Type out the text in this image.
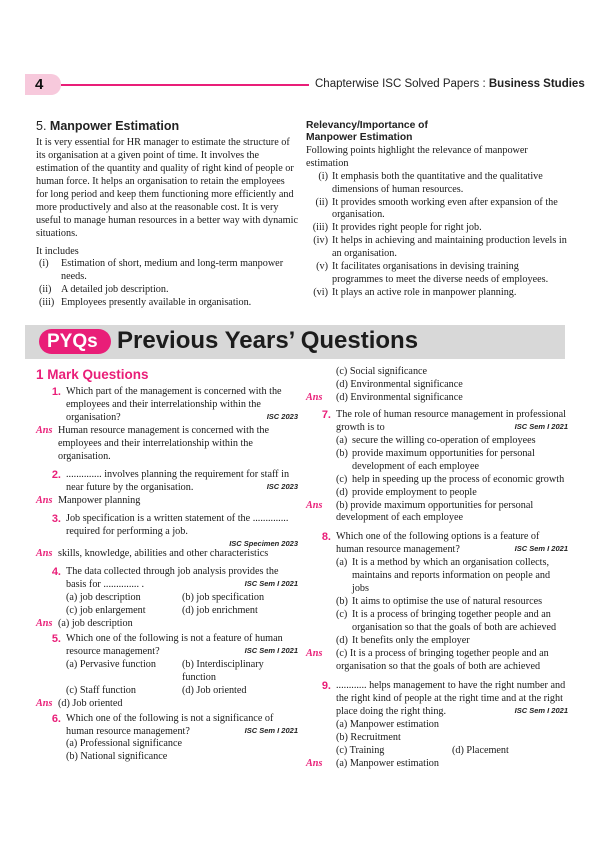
4	Chapterwise ISC Solved Papers : Business Studies
5. Manpower Estimation

It is very essential for HR manager to estimate the structure of its organisation at a given point of time. It involves the estimation of the quantity and quality of right kind of people or human force. It helps an organisation to retain the employees for long period and keep them functioning more efficiently and more productively and also at the reasonable cost. It is very useful to manage human resources in a better way with dynamic situations.

It includes

(i)	Estimation of short, medium and long-term manpower needs.
(ii) A detailed job description.
(iii) Employees presently available in organisation.
Relevancy/Importance of
Manpower Estimation

Following points highlight the relevance of manpower estimation

(i) It emphasis both the quantitative and the qualitative dimensions of human resources.
(ii) It provides smooth working even after expansion of the organisation.
(iii) It provides right people for right job.
(iv) It helps in achieving and maintaining production levels in an organisation.
(v) It facilitates organisations in devising training programmes to meet the diverse needs of employees.
(vi) It plays an active role in manpower planning.
PYQs Previous Years’ Questions
1 Mark Questions
1. Which part of the management is concerned with the employees and their interrelationship within the organisation?	ISC 2023
Ans Human resource management is concerned with the employees and their interrelationship within the organisation.
2. .............. involves planning the requirement for staff in near future by the organisation.	ISC 2023
Ans Manpower planning
3. Job specification is a written statement of the .............. required for performing a job.
ISC Specimen 2023
Ans skills, knowledge, abilities and other characteristics
4. The data collected through job analysis provides the basis for .............. .	ISC Sem I 2021
(a) job description	(b) job specification
(c) job enlargement	(d) job enrichment
Ans (a) job description
5. Which one of the following is not a feature of human resource management?	ISC Sem I 2021
(a) Pervasive function	(b) Interdisciplinary function
(c) Staff function	(d) Job oriented
Ans (d) Job oriented
6. Which one of the following is not a significance of human resource management?	ISC Sem I 2021
(a) Professional significance
(b) National significance
(c) Social significance
(d) Environmental significance
Ans	(d) Environmental significance
7. The role of human resource management in professional growth is to	ISC Sem I 2021
(a) secure the willing co-operation of employees
(b) provide maximum opportunities for personal development of each employee
(c) help in speeding up the process of economic growth
(d) provide employment to people
Ans	(b) provide maximum opportunities for personal development of each employee
8. Which one of the following options is a feature of human resource management?	ISC Sem I 2021
(a) It is a method by which an organisation collects, maintains and reports information on people and jobs
(b) It aims to optimise the use of natural resources
(c) It is a process of bringing together people and an organisation so that the goals of both are achieved
(d) It benefits only the employer
Ans	(c) It is a process of bringing together people and an organisation so that the goals of both are achieved
9. ............ helps management to have the right number and the right kind of people at the right time and at the right place doing the right thing.	ISC Sem I 2021
(a) Manpower estimation
(b) Recruitment
(c) Training	(d) Placement
Ans	(a) Manpower estimation
